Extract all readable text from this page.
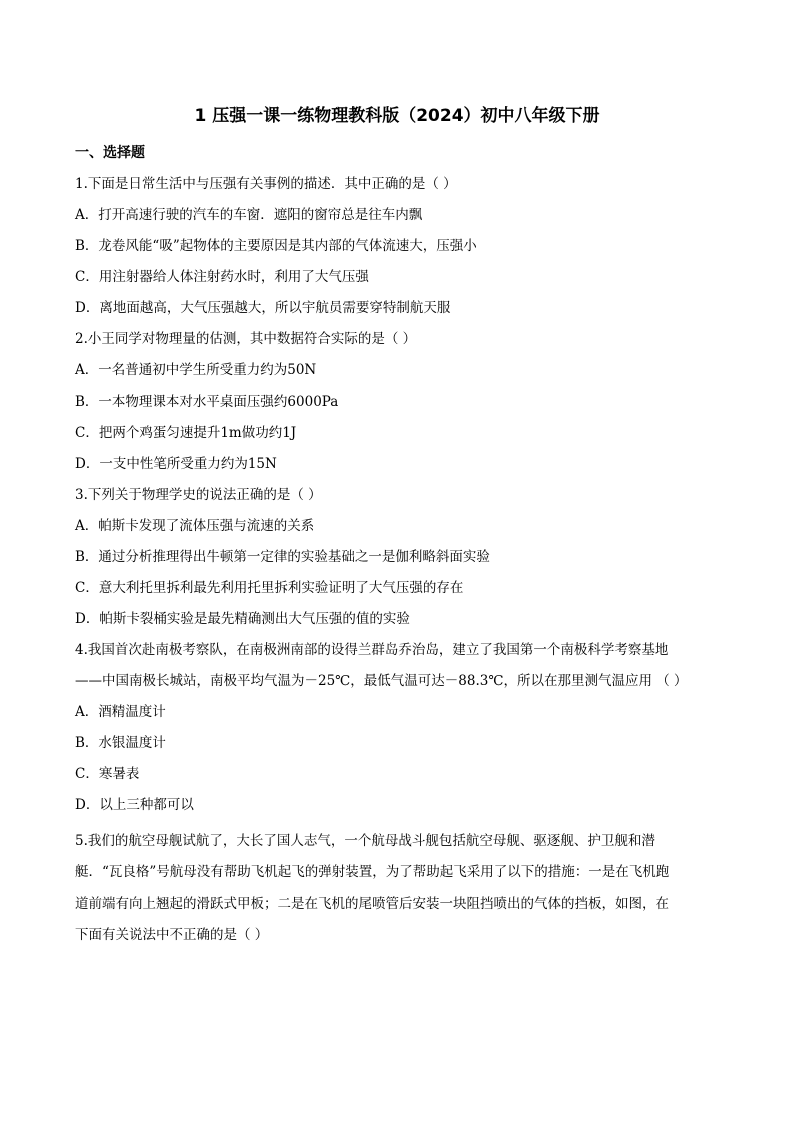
1 压强一课一练物理教科版（2024）初中八年级下册
一、选择题
1.下面是日常生活中与压强有关事例的描述．其中正确的是（ ）
A．打开高速行驶的汽车的车窗．遮阳的窗帘总是往车内飘
B．龙卷风能“吸”起物体的主要原因是其内部的气体流速大，压强小
C．用注射器给人体注射药水时，利用了大气压强
D．离地面越高，大气压强越大，所以宇航员需要穿特制航天服
2.小王同学对物理量的估测，其中数据符合实际的是（ ）
A．一名普通初中学生所受重力约为50N
B．一本物理课本对水平桌面压强约6000Pa
C．把两个鸡蛋匀速提升1m做功约1J
D．一支中性笔所受重力约为15N
3.下列关于物理学史的说法正确的是（ ）
A．帕斯卡发现了流体压强与流速的关系
B．通过分析推理得出牛顿第一定律的实验基础之一是伽利略斜面实验
C．意大利托里拆利最先利用托里拆利实验证明了大气压强的存在
D．帕斯卡裂桶实验是最先精确测出大气压强的值的实验
4.我国首次赴南极考察队，在南极洲南部的设得兰群岛乔治岛，建立了我国第一个南极科学考察基地
——中国南极长城站，南极平均气温为－25℃，最低气温可达－88.3℃，所以在那里测气温应用 （ ）
A．酒精温度计
B．水银温度计
C．寒暑表
D．以上三种都可以
5.我们的航空母舰试航了，大长了国人志气，一个航母战斗舰包括航空母舰、驱逐舰、护卫舰和潜
艇．“瓦良格”号航母没有帮助飞机起飞的弹射装置，为了帮助起飞采用了以下的措施：一是在飞机跑
道前端有向上翘起的滑跃式甲板；二是在飞机的尾喷管后安装一块阻挡喷出的气体的挡板，如图，在
下面有关说法中不正确的是（ ）
